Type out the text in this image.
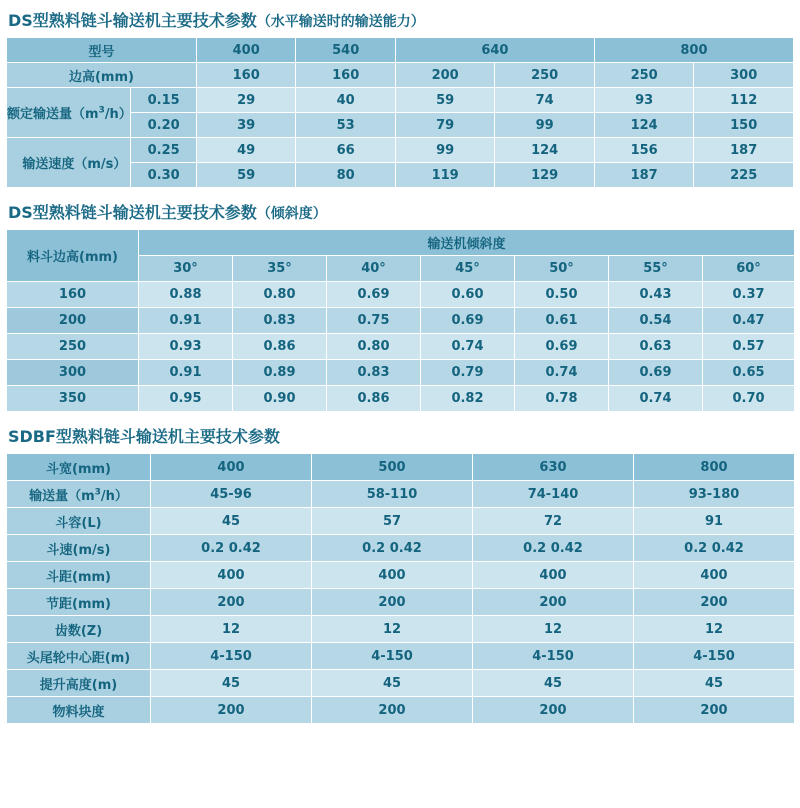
DS型熟料链斗输送机主要技术参数（水平输送时的输送能力）
型号		400	540	640		800	
边高(mm)		160	160	200	250	250	300
额定输送量$(m^3/h)$	0.15	29	40	59	74	93	112
	0.20	39	53	79	99	124	150
输送速度（m/s）	0.25	49	66	99	124	156	187
	0.30	59	80	119	129	187	225
DS型熟料链斗输送机主要技术参数（倾斜度）
料斗边高(mm)	输送机倾斜度						
	30°	35°	40°	45°	50°	55°	60°
160	0.88	0.80	0.69	0.60	0.50	0.43	0.37
200	0.91	0.83	0.75	0.69	0.61	0.54	0.47
250	0.93	0.86	0.80	0.74	0.69	0.63	0.57
300	0.91	0.89	0.83	0.79	0.74	0.69	0.65
350	0.95	0.90	0.86	0.82	0.78	0.74	0.70
SDBF型熟料链斗输送机主要技术参数
斗宽(mm)	400	500	630	800
输送量$(m^3/h)$	45-96	58-110	74-140	93-180
斗容(L)	45	57	72	91
斗速(m/s)	0.2 0.42	0.2 0.42	0.2 0.42	0.2 0.42
斗距(mm)	400	400	400	400
节距(mm)	200	200	200	200
齿数(Z)	12	12	12	12
头尾轮中心距(m)	4-150	4-150	4-150	4-150
提升高度(m)	45	45	45	45
物料块度	200	200	200	200
